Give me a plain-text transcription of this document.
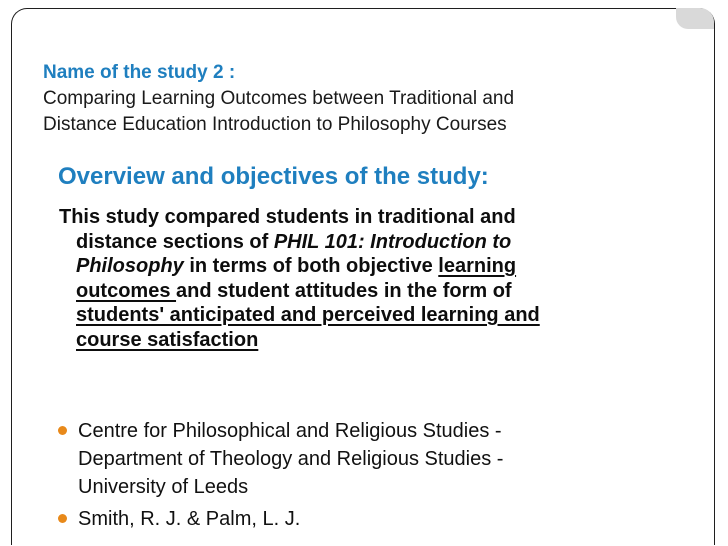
Name of the study 2 :

Comparing Learning Outcomes between Traditional and

Distance Education Introduction to Philosophy Courses

Overview and objectives of the study:

This study compared students in traditional and
distance sections of PHIL 101: Introduction to
Philosophy in terms of both objective learning
outcomes and student attitudes in the form of
students' anticipated and perceived learning and
course satisfaction

Centre for Philosophical and Religious Studies -
Department of Theology and Religious Studies -
University of Leeds
Smith, R. J. & Palm, L. J.
